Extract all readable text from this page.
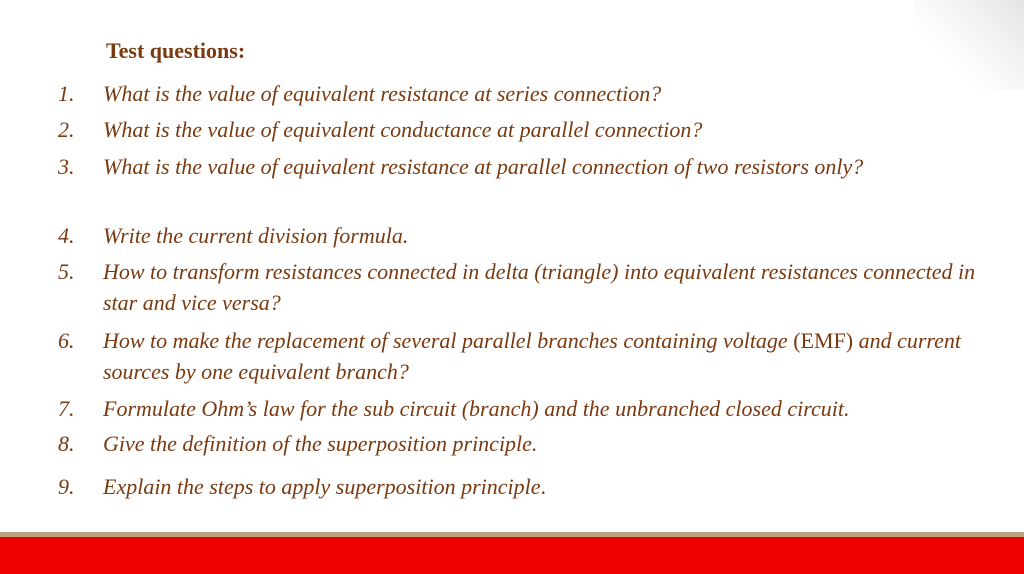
Test questions:
1.	What is the value of equivalent resistance at series connection?
2.	What is the value of equivalent conductance at parallel connection?
3.	What is the value of equivalent resistance at parallel connection of two resistors only?
4.	Write the current division formula.
5.	How to transform resistances connected in delta (triangle) into equivalent resistances connected in star and vice versa?
6.	How to make the replacement of several parallel branches containing voltage (EMF) and current sources by one equivalent branch?
7.	Formulate Ohm’s law for the sub circuit (branch) and the unbranched closed circuit.
8.	Give the definition of the superposition principle.
9.	Explain the steps to apply superposition principle.
